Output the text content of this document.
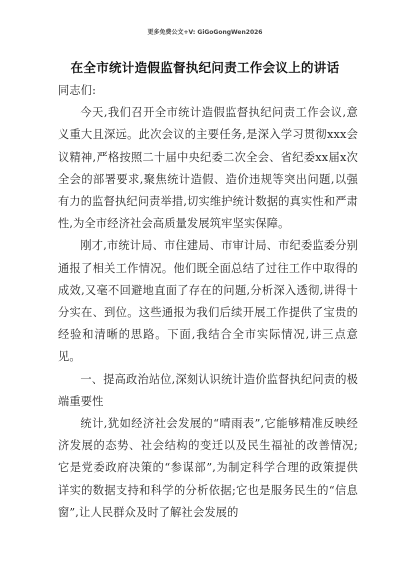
更多免费公文+V: GiGoGongWen2026
在全市统计造假监督执纪问责工作会议上的讲话

同志们:

今天,我们召开全市统计造假监督执纪问责工作会议,意义重大且深远。此次会议的主要任务,是深入学习贯彻xxx会议精神,严格按照二十届中央纪委二次全会、省纪委xx届x次全会的部署要求,聚焦统计造假、造价违规等突出问题,以强有力的监督执纪问责举措,切实维护统计数据的真实性和严肃性,为全市经济社会高质量发展筑牢坚实保障。

刚才,市统计局、市住建局、市审计局、市纪委监委分别通报了相关工作情况。他们既全面总结了过往工作中取得的成效,又毫不回避地直面了存在的问题,分析深入透彻,讲得十分实在、到位。这些通报为我们后续开展工作提供了宝贵的经验和清晰的思路。下面,我结合全市实际情况,讲三点意见。

一、提高政治站位,深刻认识统计造价监督执纪问责的极端重要性

统计,犹如经济社会发展的“晴雨表”,它能够精准反映经济发展的态势、社会结构的变迁以及民生福祉的改善情况;它是党委政府决策的“参谋部”,为制定科学合理的政策提供详实的数据支持和科学的分析依据;它也是服务民生的“信息窗”,让人民群众及时了解社会发展的
